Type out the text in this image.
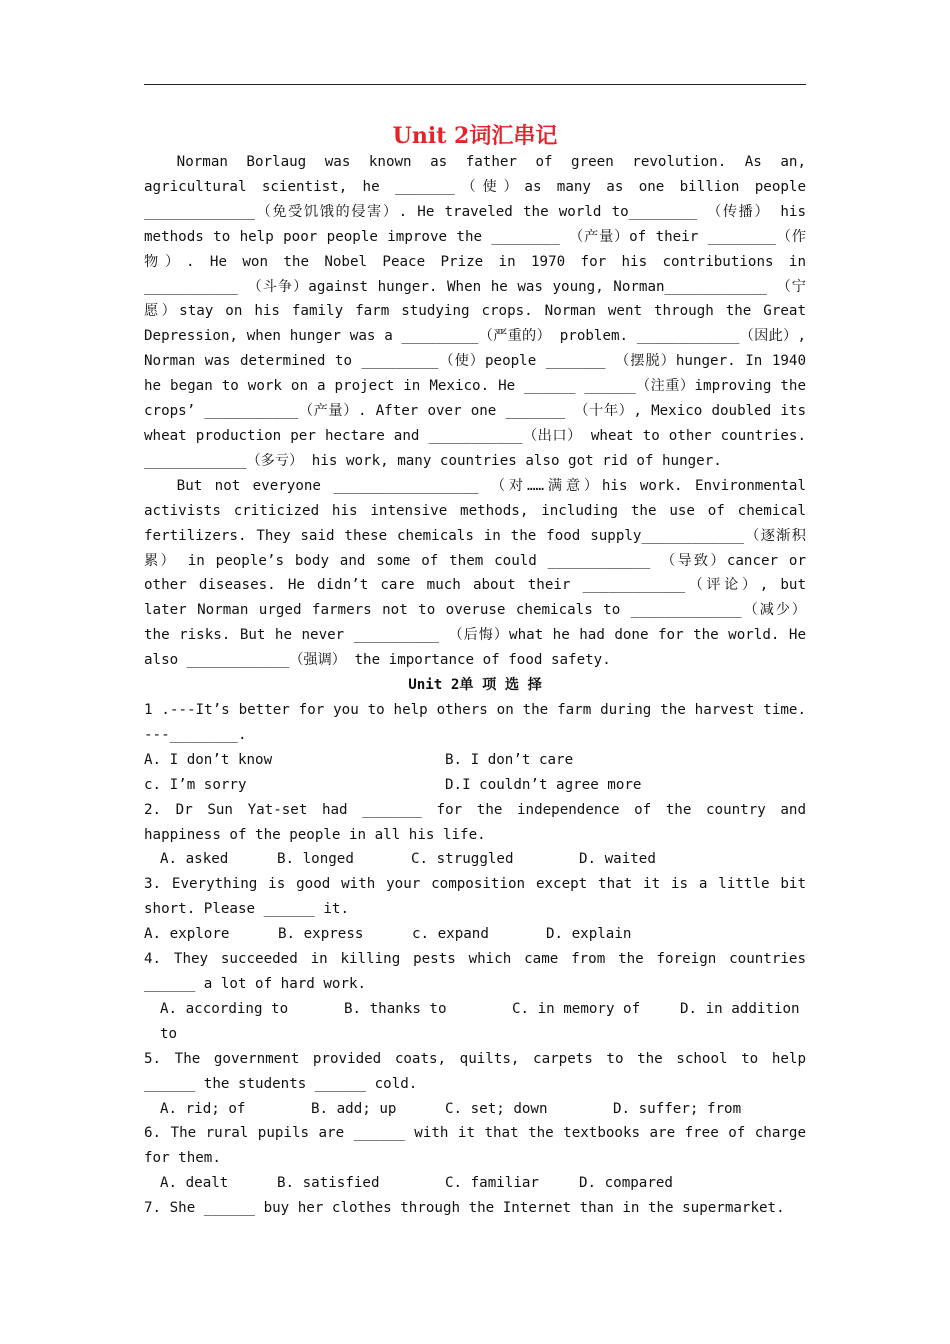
Unit 2词汇串记

Norman Borlaug was known as father of green revolution. As an, agricultural scientist, he _______（使）as many as one billion people _____________（免受饥饿的侵害）. He traveled the world to________ （传播） his methods to help poor people improve the ________ （产量）of their ________（作物）. He won the Nobel Peace Prize in 1970 for his contributions in ___________ （斗争）against hunger. When he was young, Norman____________ （宁愿）stay on his family farm studying crops. Norman went through the Great Depression, when hunger was a _________（严重的） problem. ____________（因此）, Norman was determined to _________（使）people _______ （摆脱）hunger. In 1940 he began to work on a project in Mexico. He ______ ______（注重）improving the crops’ ___________（产量）. After over one _______ （十年）, Mexico doubled its wheat production per hectare and ___________（出口） wheat to other countries. ____________（多亏） his work, many countries also got rid of hunger.

But not everyone _________________ （对……满意）his work. Environmental activists criticized his intensive methods, including the use of chemical fertilizers. They said these chemicals in the food supply____________（逐渐积累） in people’s body and some of them could ____________ （导致）cancer or other diseases. He didn’t care much about their ____________（评论）, but later Norman urged farmers not to overuse chemicals to _____________（减少） the risks. But he never __________ （后悔）what he had done for the world. He also ____________（强调） the importance of food safety.

Unit 2单 项 选 择
1 .---It’s better for you to help others on the farm during the harvest time. ---________.
A. I don’t know	B. I don’t care
c. I’m sorry	D.I couldn’t agree more
2. Dr Sun Yat-set had _______ for the independence of the country and happiness of the people in all his life.
A. asked	B. longed	C. struggled	D. waited
3. Everything is good with your composition except that it is a little bit short. Please ______ it.
A. explore	B. express	c. expand	D. explain
4. They succeeded in killing pests which came from the foreign countries ______ a lot of hard work.
A. according to	B. thanks to	C. in memory of	D. in addition to
5. The government provided coats, quilts, carpets to the school to help ______ the students ______ cold.
A. rid; of	B. add; up	C. set; down	D. suffer; from
6. The rural pupils are ______ with it that the textbooks are free of charge for them.
A. dealt	B. satisfied	C. familiar	D. compared
7. She ______ buy her clothes through the Internet than in the supermarket.
